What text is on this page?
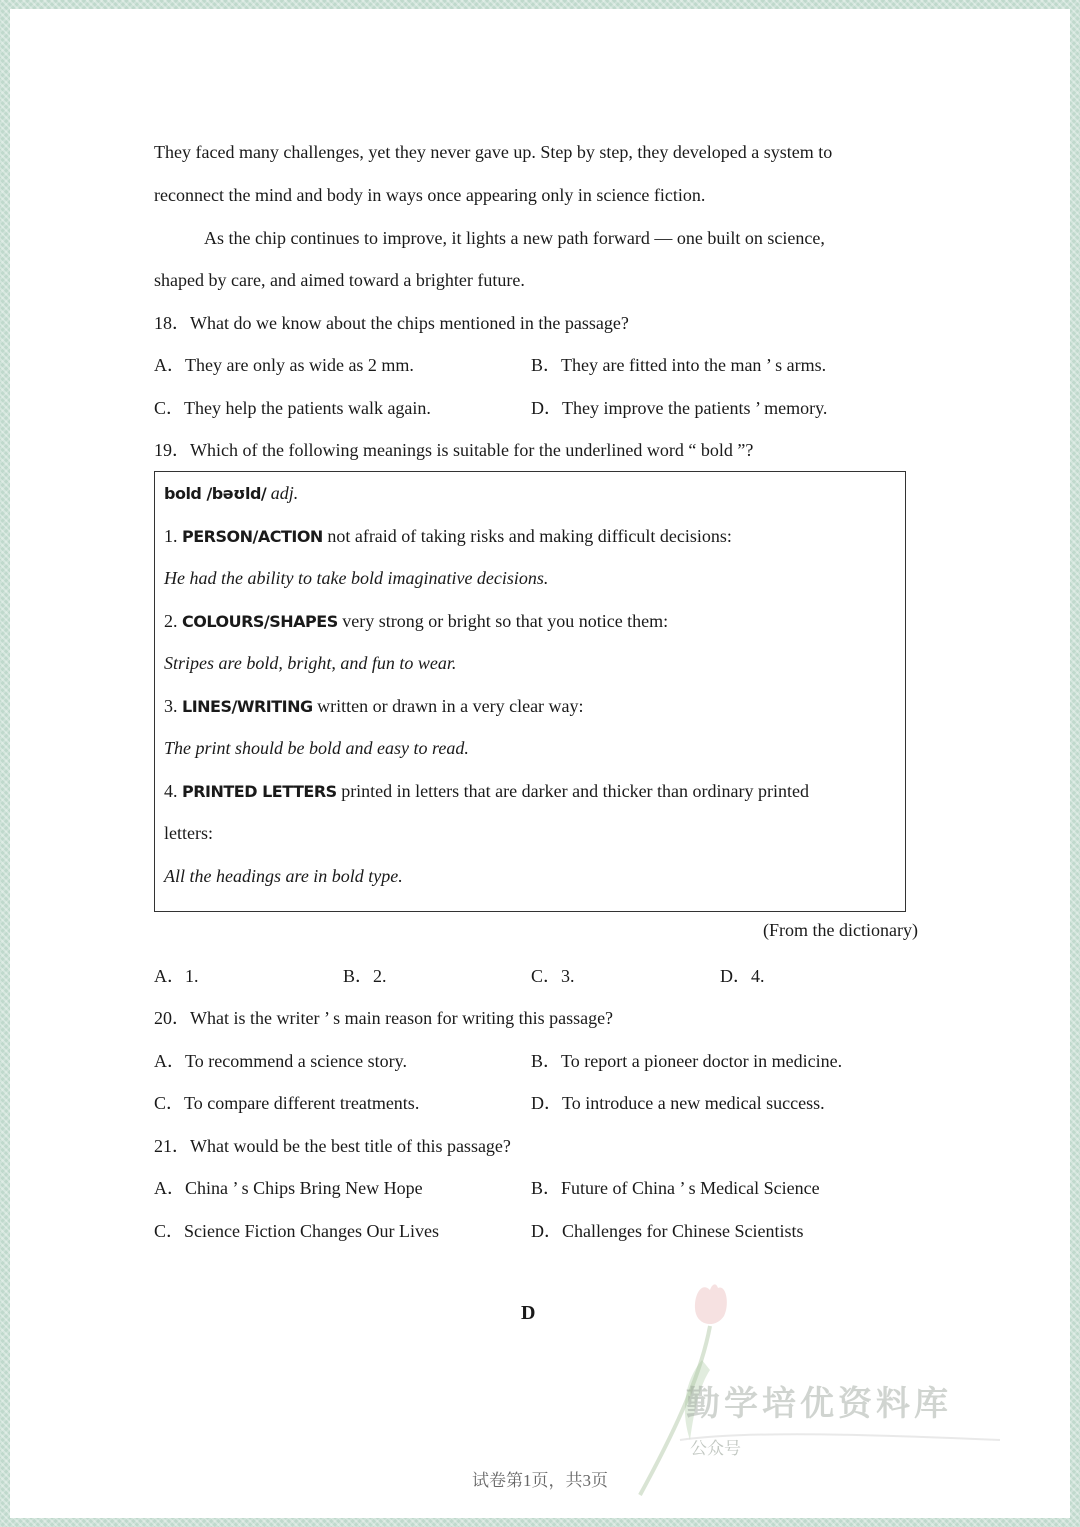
They faced many challenges, yet they never gave up. Step by step, they developed a system to
reconnect the mind and body in ways once appearing only in science fiction.
As the chip continues to improve, it lights a new path forward — one built on science,
shaped by care, and aimed toward a brighter future.
18．What do we know about the chips mentioned in the passage?
A．They are only as wide as 2 mm.	B．They are fitted into the man ’ s arms.
C．They help the patients walk again.	D．They improve the patients ’ memory.
19．Which of the following meanings is suitable for the underlined word “ bold ”?
bold /bəʊld/ adj.
1. PERSON/ACTION not afraid of taking risks and making difficult decisions:
He had the ability to take bold imaginative decisions.
2. COLOURS/SHAPES very strong or bright so that you notice them:
Stripes are bold, bright, and fun to wear.
3. LINES/WRITING written or drawn in a very clear way:
The print should be bold and easy to read.
4. PRINTED LETTERS printed in letters that are darker and thicker than ordinary printed
letters:
All the headings are in bold type.
(From the dictionary)
A．1.	B．2.	C．3.	D．4.
20．What is the writer ’ s main reason for writing this passage?
A．To recommend a science story.	B．To report a pioneer doctor in medicine.
C．To compare different treatments.	D．To introduce a new medical success.
21．What would be the best title of this passage?
A．China ’ s Chips Bring New Hope	B．Future of China ’ s Medical Science
C．Science Fiction Changes Our Lives	D．Challenges for Chinese Scientists
D
勤学培优资料库
公众号
试卷第1页，共3页
